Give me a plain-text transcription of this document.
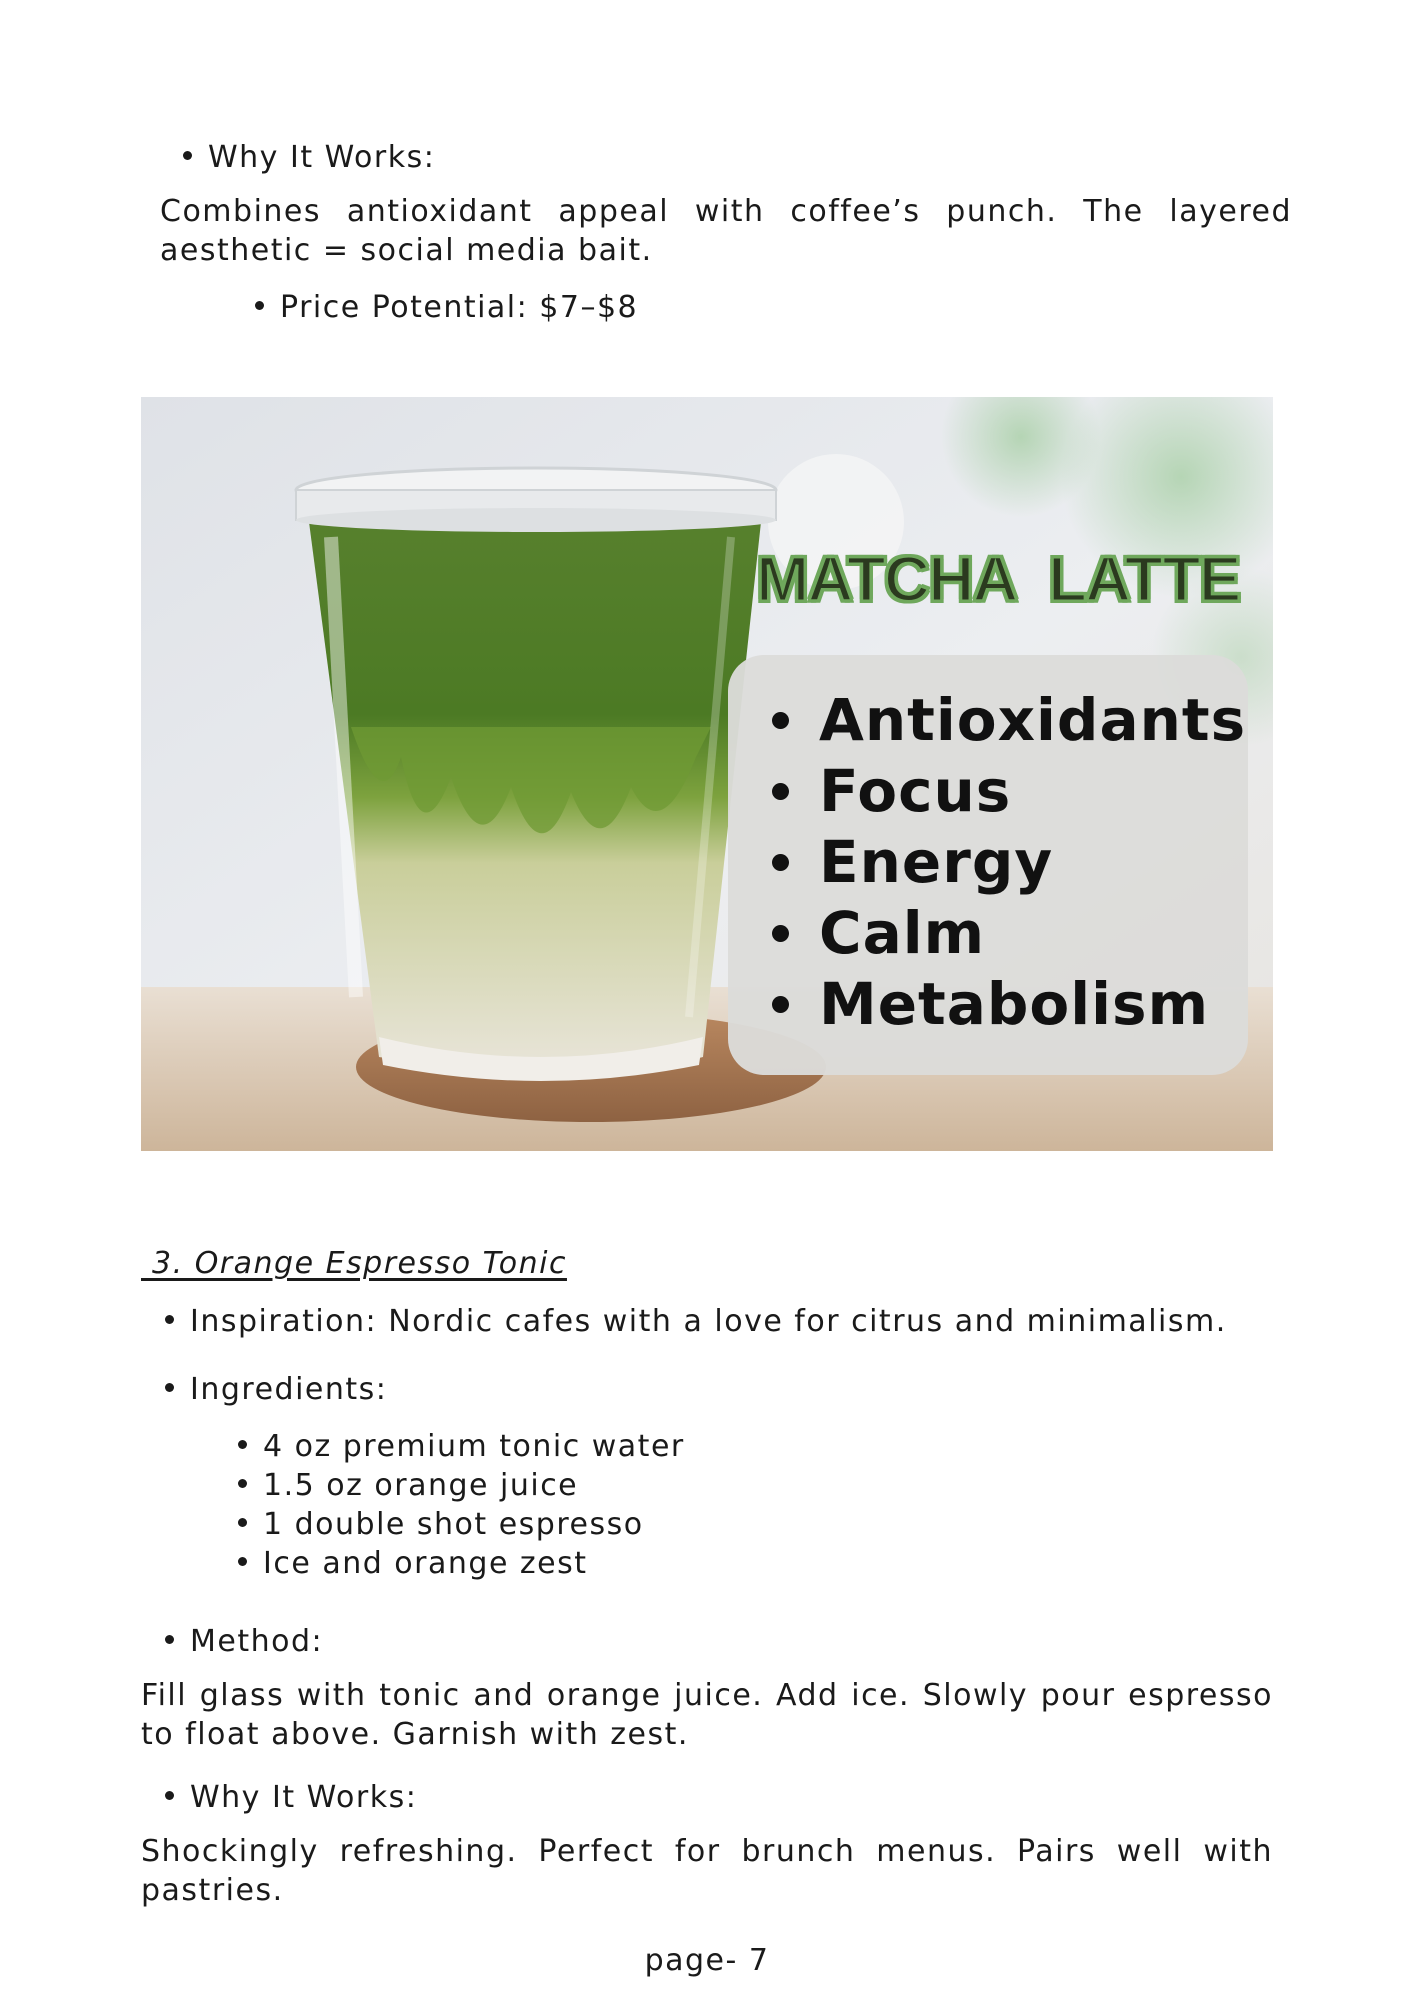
Why It Works:
Combines antioxidant appeal with coffee’s punch. The layered aesthetic = social media bait.
Price Potential: $7–$8
MATCHA LATTE
Antioxidants
Focus
Energy
Calm
Metabolism
3. Orange Espresso Tonic
Inspiration: Nordic cafes with a love for citrus and minimalism.
Ingredients:
4 oz premium tonic water
1.5 oz orange juice
1 double shot espresso
Ice and orange zest
Method:
Fill glass with tonic and orange juice. Add ice. Slowly pour espresso to float above. Garnish with zest.
Why It Works:
Shockingly refreshing. Perfect for brunch menus. Pairs well with pastries.
page- 7
